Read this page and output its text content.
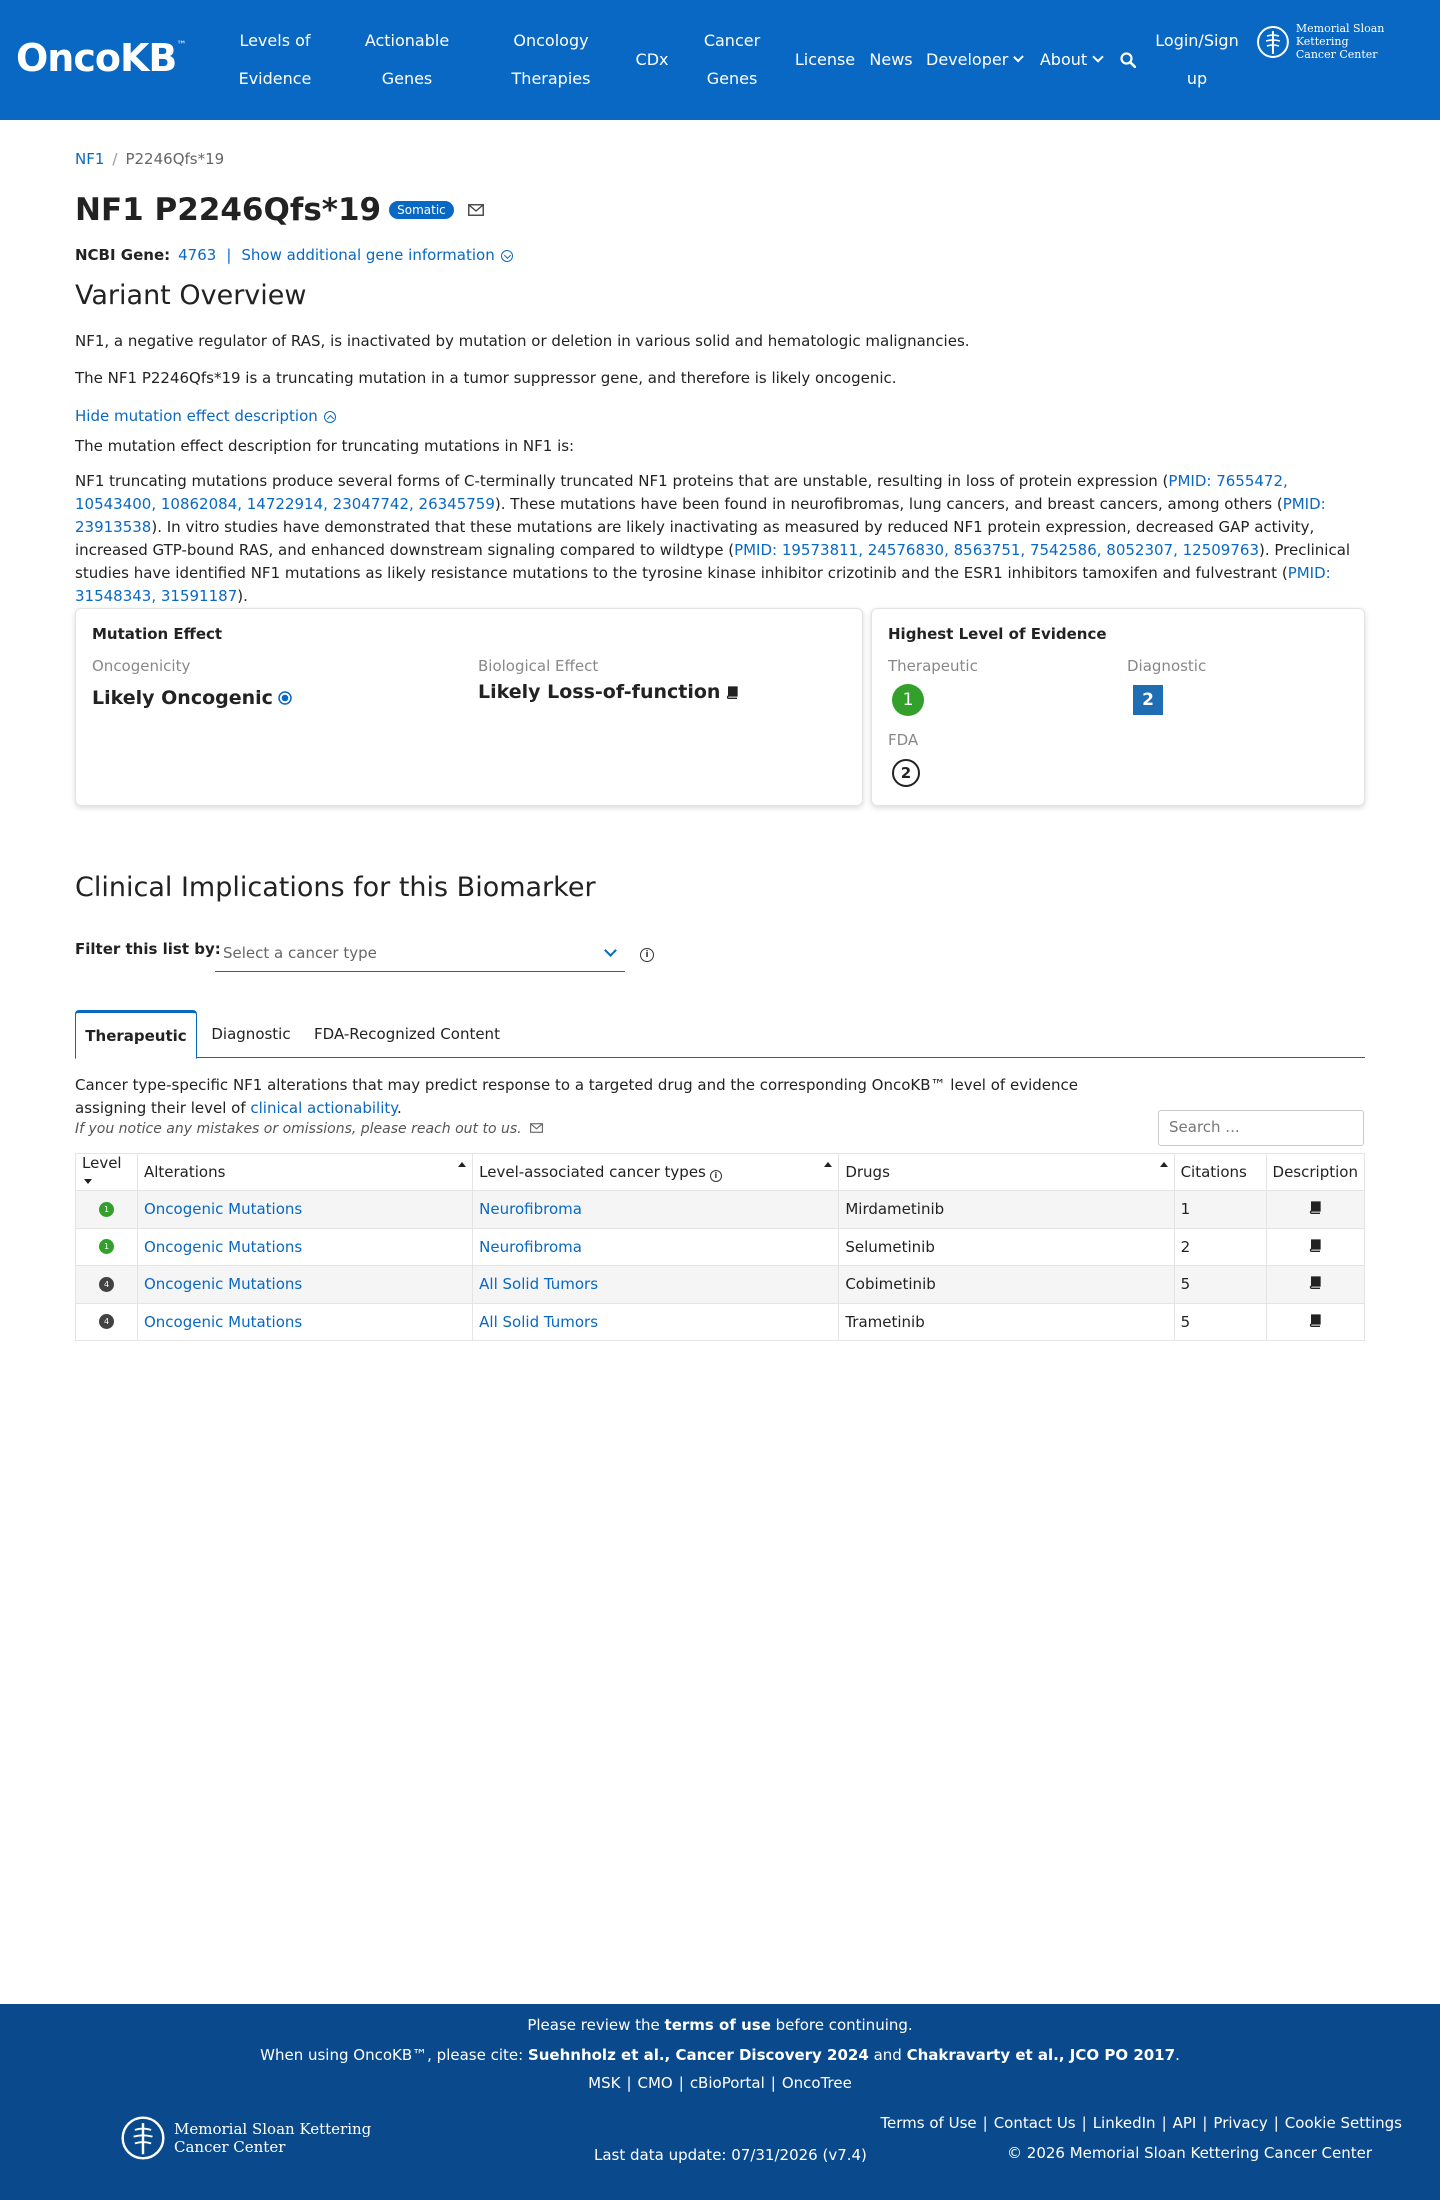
OncoKB™	Levels of
Evidence
Actionable
Genes
Oncology
Therapies
CDx
Cancer
Genes
License News Developer About
Login/Sign
up
Memorial Sloan Kettering
Cancer Center
NF1 / P2246Qfs*19
NF1 P2246Qfs*19	Somatic
NCBI Gene: 4763 | Show additional gene information
Variant Overview
NF1, a negative regulator of RAS, is inactivated by mutation or deletion in various solid and hematologic malignancies.
The NF1 P2246Qfs*19 is a truncating mutation in a tumor suppressor gene, and therefore is likely oncogenic.
Hide mutation effect description
The mutation effect description for truncating mutations in NF1 is:
NF1 truncating mutations produce several forms of C-terminally truncated NF1 proteins that are unstable, resulting in loss of protein expression (PMID: 7655472, 10543400, 10862084, 14722914, 23047742, 26345759). These mutations have been found in neurofibromas, lung cancers, and breast cancers, among others (PMID: 23913538). In vitro studies have demonstrated that these mutations are likely inactivating as measured by reduced NF1 protein expression, decreased GAP activity, increased GTP-bound RAS, and enhanced downstream signaling compared to wildtype (PMID: 19573811, 24576830, 8563751, 7542586, 8052307, 12509763). Preclinical studies have identified NF1 mutations as likely resistance mutations to the tyrosine kinase inhibitor crizotinib and the ESR1 inhibitors tamoxifen and fulvestrant (PMID: 31548343, 31591187).
Mutation Effect
Oncogenicity
Likely Oncogenic
Biological Effect
Likely Loss-of-function
Highest Level of Evidence
Therapeutic
1
Diagnostic
2
FDA
2
Clinical Implications for this Biomarker
Filter this list by: Select a cancer type	i
Therapeutic	Diagnostic	FDA-Recognized Content
Cancer type-specific NF1 alterations that may predict response to a targeted drug and the corresponding OncoKB™ level of evidence
assigning their level of clinical actionability.
If you notice any mistakes or omissions, please reach out to us.	Search ...
Level	Alterations	Level-associated cancer types i	Drugs	Citations	Description

1	Oncogenic Mutations	Neurofibroma	Mirdametinib	1	

1	Oncogenic Mutations	Neurofibroma	Selumetinib	2	

4	Oncogenic Mutations	All Solid Tumors	Cobimetinib	5	

4	Oncogenic Mutations	All Solid Tumors	Trametinib	5	
Please review the terms of use before continuing.
When using OncoKB™, please cite: Suehnholz et al., Cancer Discovery 2024 and Chakravarty et al., JCO PO 2017.
MSK | CMO | cBioPortal | OncoTree
Memorial Sloan Kettering
Cancer Center	Last data update: 07/31/2026 (v7.4)
Terms of Use | Contact Us | LinkedIn | API | Privacy | Cookie Settings
© 2026 Memorial Sloan Kettering Cancer Center
